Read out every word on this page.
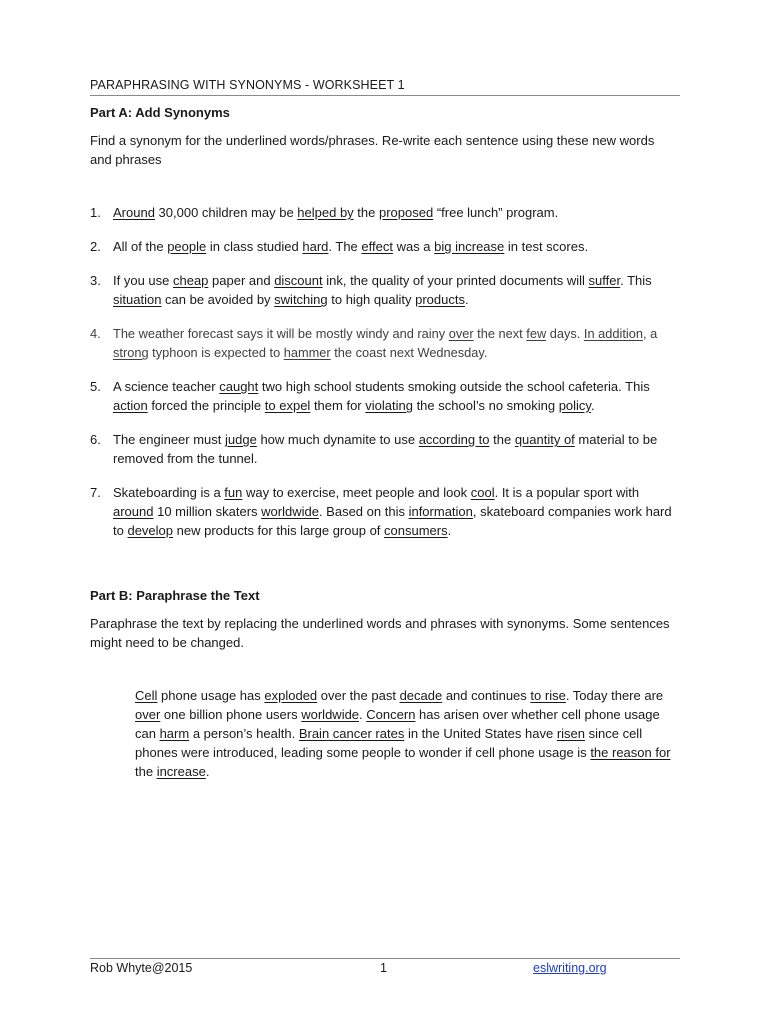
PARAPHRASING WITH SYNONYMS - WORKSHEET 1
Part A: Add Synonyms
Find a synonym for the underlined words/phrases. Re-write each sentence using these new words and phrases
1. Around 30,000 children may be helped by the proposed “free lunch” program.
2. All of the people in class studied hard. The effect was a big increase in test scores.
3. If you use cheap paper and discount ink, the quality of your printed documents will suffer. This situation can be avoided by switching to high quality products.
4. The weather forecast says it will be mostly windy and rainy over the next few days. In addition, a strong typhoon is expected to hammer the coast next Wednesday.
5. A science teacher caught two high school students smoking outside the school cafeteria. This action forced the principle to expel them for violating the school’s no smoking policy.
6. The engineer must judge how much dynamite to use according to the quantity of material to be removed from the tunnel.
7. Skateboarding is a fun way to exercise, meet people and look cool. It is a popular sport with around 10 million skaters worldwide. Based on this information, skateboard companies work hard to develop new products for this large group of consumers.
Part B: Paraphrase the Text
Paraphrase the text by replacing the underlined words and phrases with synonyms. Some sentences might need to be changed.
Cell phone usage has exploded over the past decade and continues to rise. Today there are over one billion phone users worldwide. Concern has arisen over whether cell phone usage can harm a person’s health. Brain cancer rates in the United States have risen since cell phones were introduced, leading some people to wonder if cell phone usage is the reason for the increase.
Rob Whyte@2015	1	eslwriting.org
